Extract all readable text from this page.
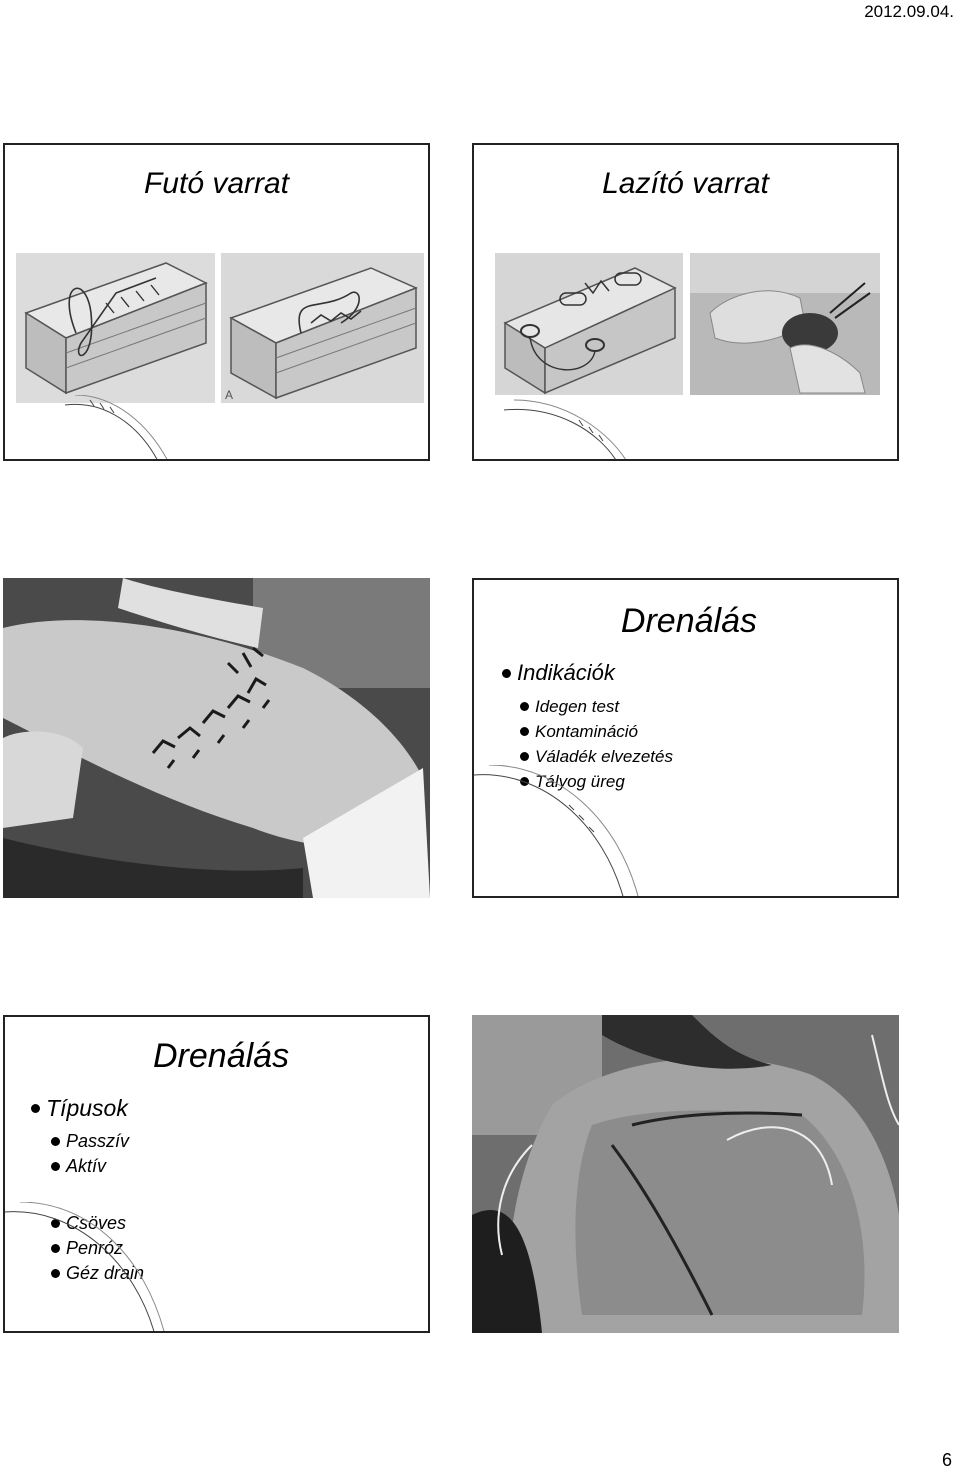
2012.09.04.
Futó varrat
A
Lazító varrat
Drenálás
Indikációk
Idegen test
Kontamináció
Váladék elvezetés
Tályog üreg
Drenálás
Típusok
Passzív
Aktív
Csöves
Penróz
Géz drain
6
